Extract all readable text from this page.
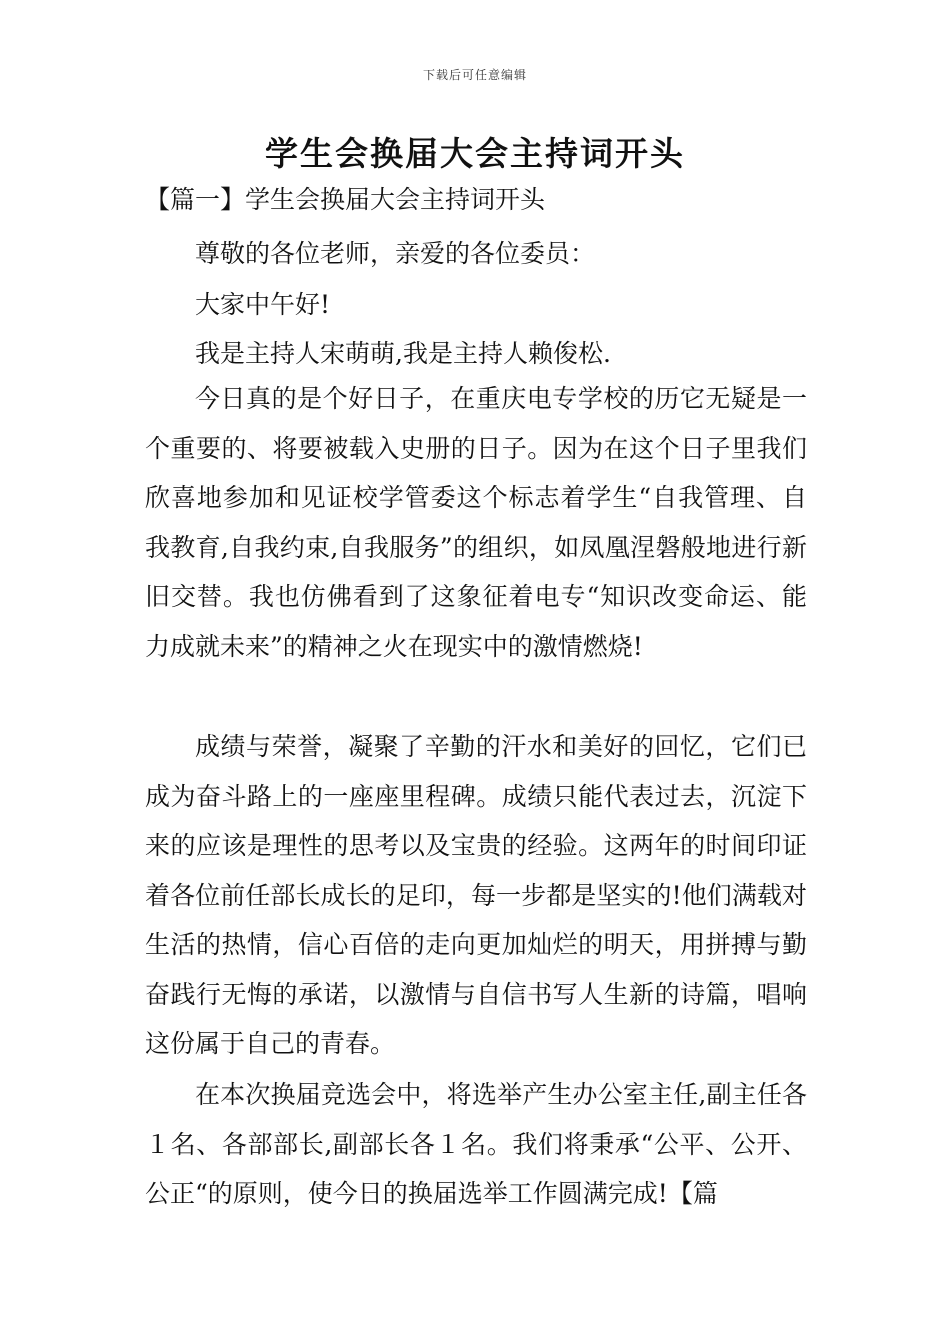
下载后可任意编辑
学生会换届大会主持词开头
【篇一】学生会换届大会主持词开头

尊敬的各位老师，亲爱的各位委员：

大家中午好!

我是主持人宋萌萌,我是主持人赖俊松.

今日真的是个好日子，在重庆电专学校的历它无疑是一个重要的、将要被载入史册的日子。因为在这个日子里我们欣喜地参加和见证校学管委这个标志着学生“自我管理、自我教育,自我约束,自我服务”的组织，如凤凰涅磐般地进行新旧交替。我也仿佛看到了这象征着电专“知识改变命运、能力成就未来”的精神之火在现实中的激情燃烧!

成绩与荣誉，凝聚了辛勤的汗水和美好的回忆，它们已成为奋斗路上的一座座里程碑。成绩只能代表过去，沉淀下来的应该是理性的思考以及宝贵的经验。这两年的时间印证着各位前任部长成长的足印，每一步都是坚实的!他们满载对生活的热情，信心百倍的走向更加灿烂的明天，用拼搏与勤奋践行无悔的承诺，以激情与自信书写人生新的诗篇，唱响这份属于自己的青春。

在本次换届竞选会中，将选举产生办公室主任,副主任各１名、各部部长,副部长各１名。我们将秉承“公平、公开、公正“的原则，使今日的换届选举工作圆满完成!【篇
